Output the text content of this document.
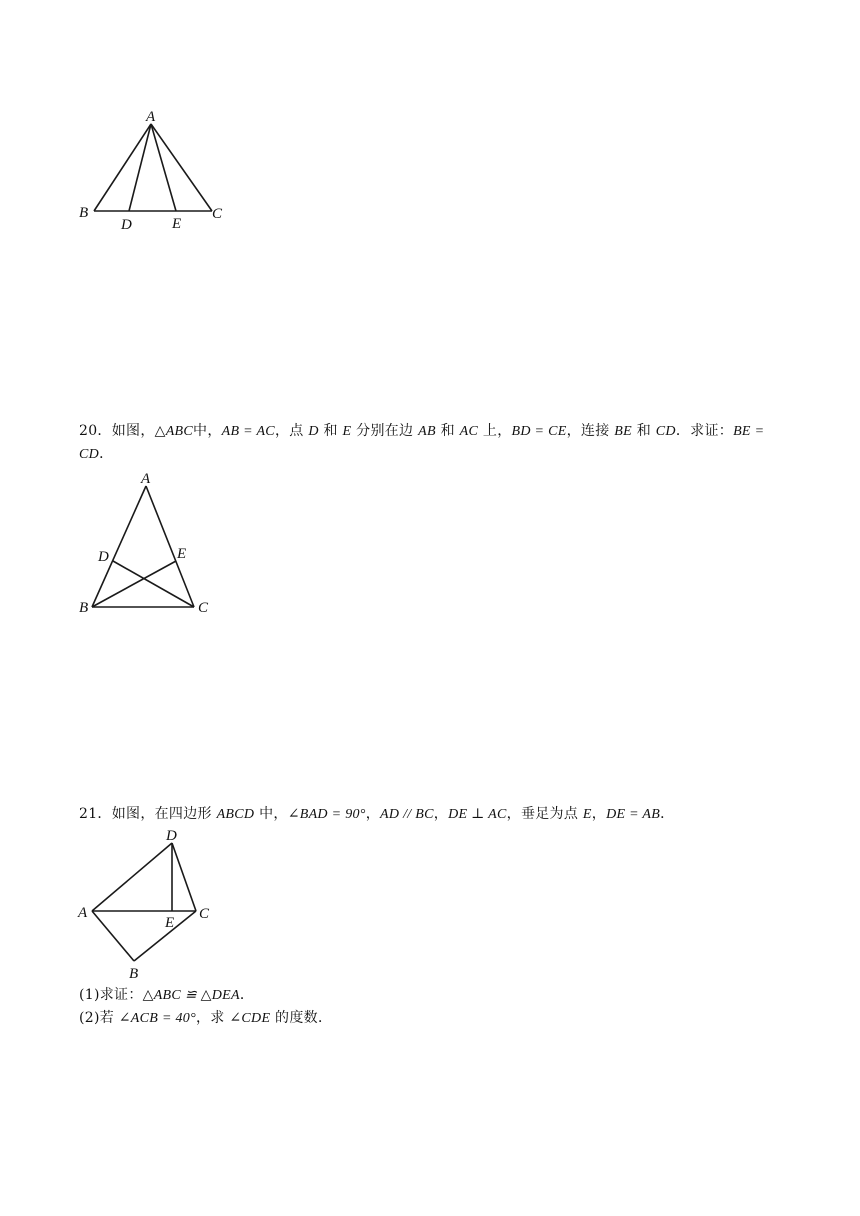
A
B	C
D	E
20．如图，△ABC中，AB = AC，点 D 和 E 分别在边 AB 和 AC 上，BD = CE，连接 BE 和 CD．求证：BE = CD．
A
D	E
B	C
21．如图，在四边形 ABCD 中，∠BAD = 90°，AD // BC，DE ⊥ AC，垂足为点 E，DE = AB．
D
A
E
C
B
(1)求证：△ABC ≌ △DEA．
(2)若 ∠ACB = 40°，求 ∠CDE 的度数．
